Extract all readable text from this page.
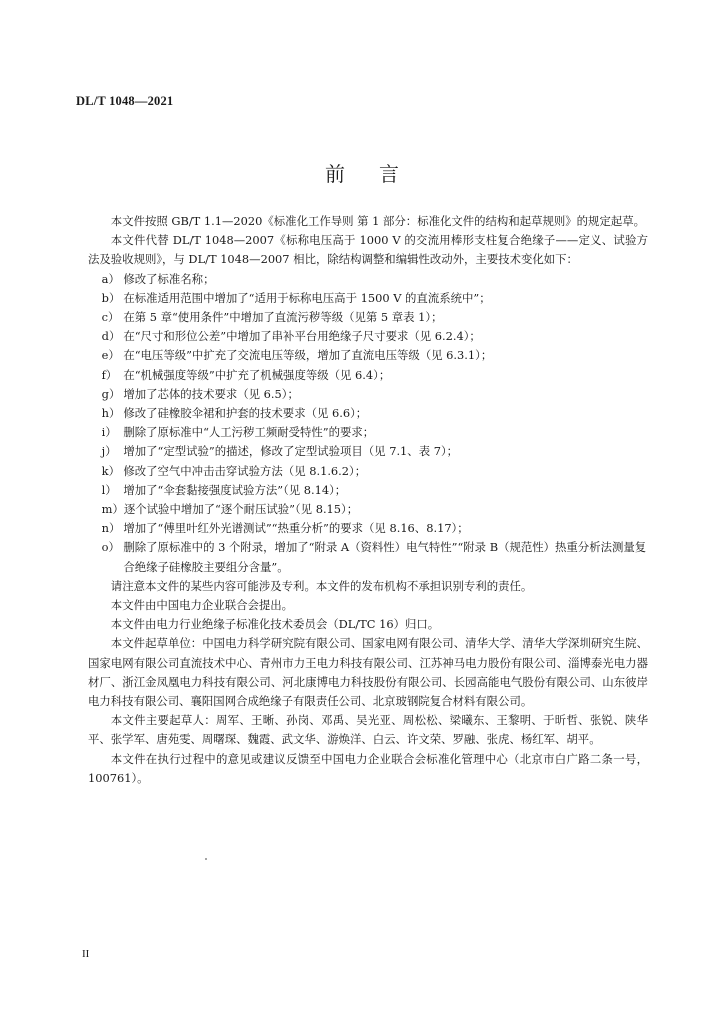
DL/T 1048—2021
前言

本文件按照 GB/T 1.1—2020《标准化工作导则 第 1 部分：标准化文件的结构和起草规则》的规定起草。

本文件代替 DL/T 1048—2007《标称电压高于 1000 V 的交流用棒形支柱复合绝缘子——定义、试验方法及验收规则》，与 DL/T 1048—2007 相比，除结构调整和编辑性改动外，主要技术变化如下：

a） 修改了标准名称；
b） 在标准适用范围中增加了“适用于标称电压高于 1500 V 的直流系统中”；
c） 在第 5 章“使用条件”中增加了直流污秽等级（见第 5 章表 1）；
d） 在“尺寸和形位公差”中增加了串补平台用绝缘子尺寸要求（见 6.2.4）；
e） 在“电压等级”中扩充了交流电压等级，增加了直流电压等级（见 6.3.1）；
f） 在“机械强度等级”中扩充了机械强度等级（见 6.4）；
g） 增加了芯体的技术要求（见 6.5）；
h） 修改了硅橡胶伞裙和护套的技术要求（见 6.6）；
i） 删除了原标准中“人工污秽工频耐受特性”的要求；
j） 增加了“定型试验”的描述，修改了定型试验项目（见 7.1、表 7）；
k） 修改了空气中冲击击穿试验方法（见 8.1.6.2）；
l） 增加了“伞套黏接强度试验方法”（见 8.14）；
m） 逐个试验中增加了“逐个耐压试验”（见 8.15）；
n） 增加了“傅里叶红外光谱测试”“热重分析”的要求（见 8.16、8.17）；
o） 删除了原标准中的 3 个附录，增加了“附录 A（资料性）电气特性”“附录 B（规范性）热重分析法测量复合绝缘子硅橡胶主要组分含量”。

请注意本文件的某些内容可能涉及专利。本文件的发布机构不承担识别专利的责任。

本文件由中国电力企业联合会提出。

本文件由电力行业绝缘子标准化技术委员会（DL/TC 16）归口。

本文件起草单位：中国电力科学研究院有限公司、国家电网有限公司、清华大学、清华大学深圳研究生院、国家电网有限公司直流技术中心、青州市力王电力科技有限公司、江苏神马电力股份有限公司、淄博泰光电力器材厂、浙江金凤凰电力科技有限公司、河北康博电力科技股份有限公司、长园高能电气股份有限公司、山东彼岸电力科技有限公司、襄阳国网合成绝缘子有限责任公司、北京玻钢院复合材料有限公司。

本文件主要起草人：周军、王晰、孙岗、邓禹、吴光亚、周松松、梁曦东、王黎明、于昕哲、张锐、陕华平、张学军、唐苑雯、周曙琛、魏霞、武文华、游焕洋、白云、许文荣、罗融、张虎、杨红军、胡平。

本文件在执行过程中的意见或建议反馈至中国电力企业联合会标准化管理中心（北京市白广路二条一号，100761）。

II
